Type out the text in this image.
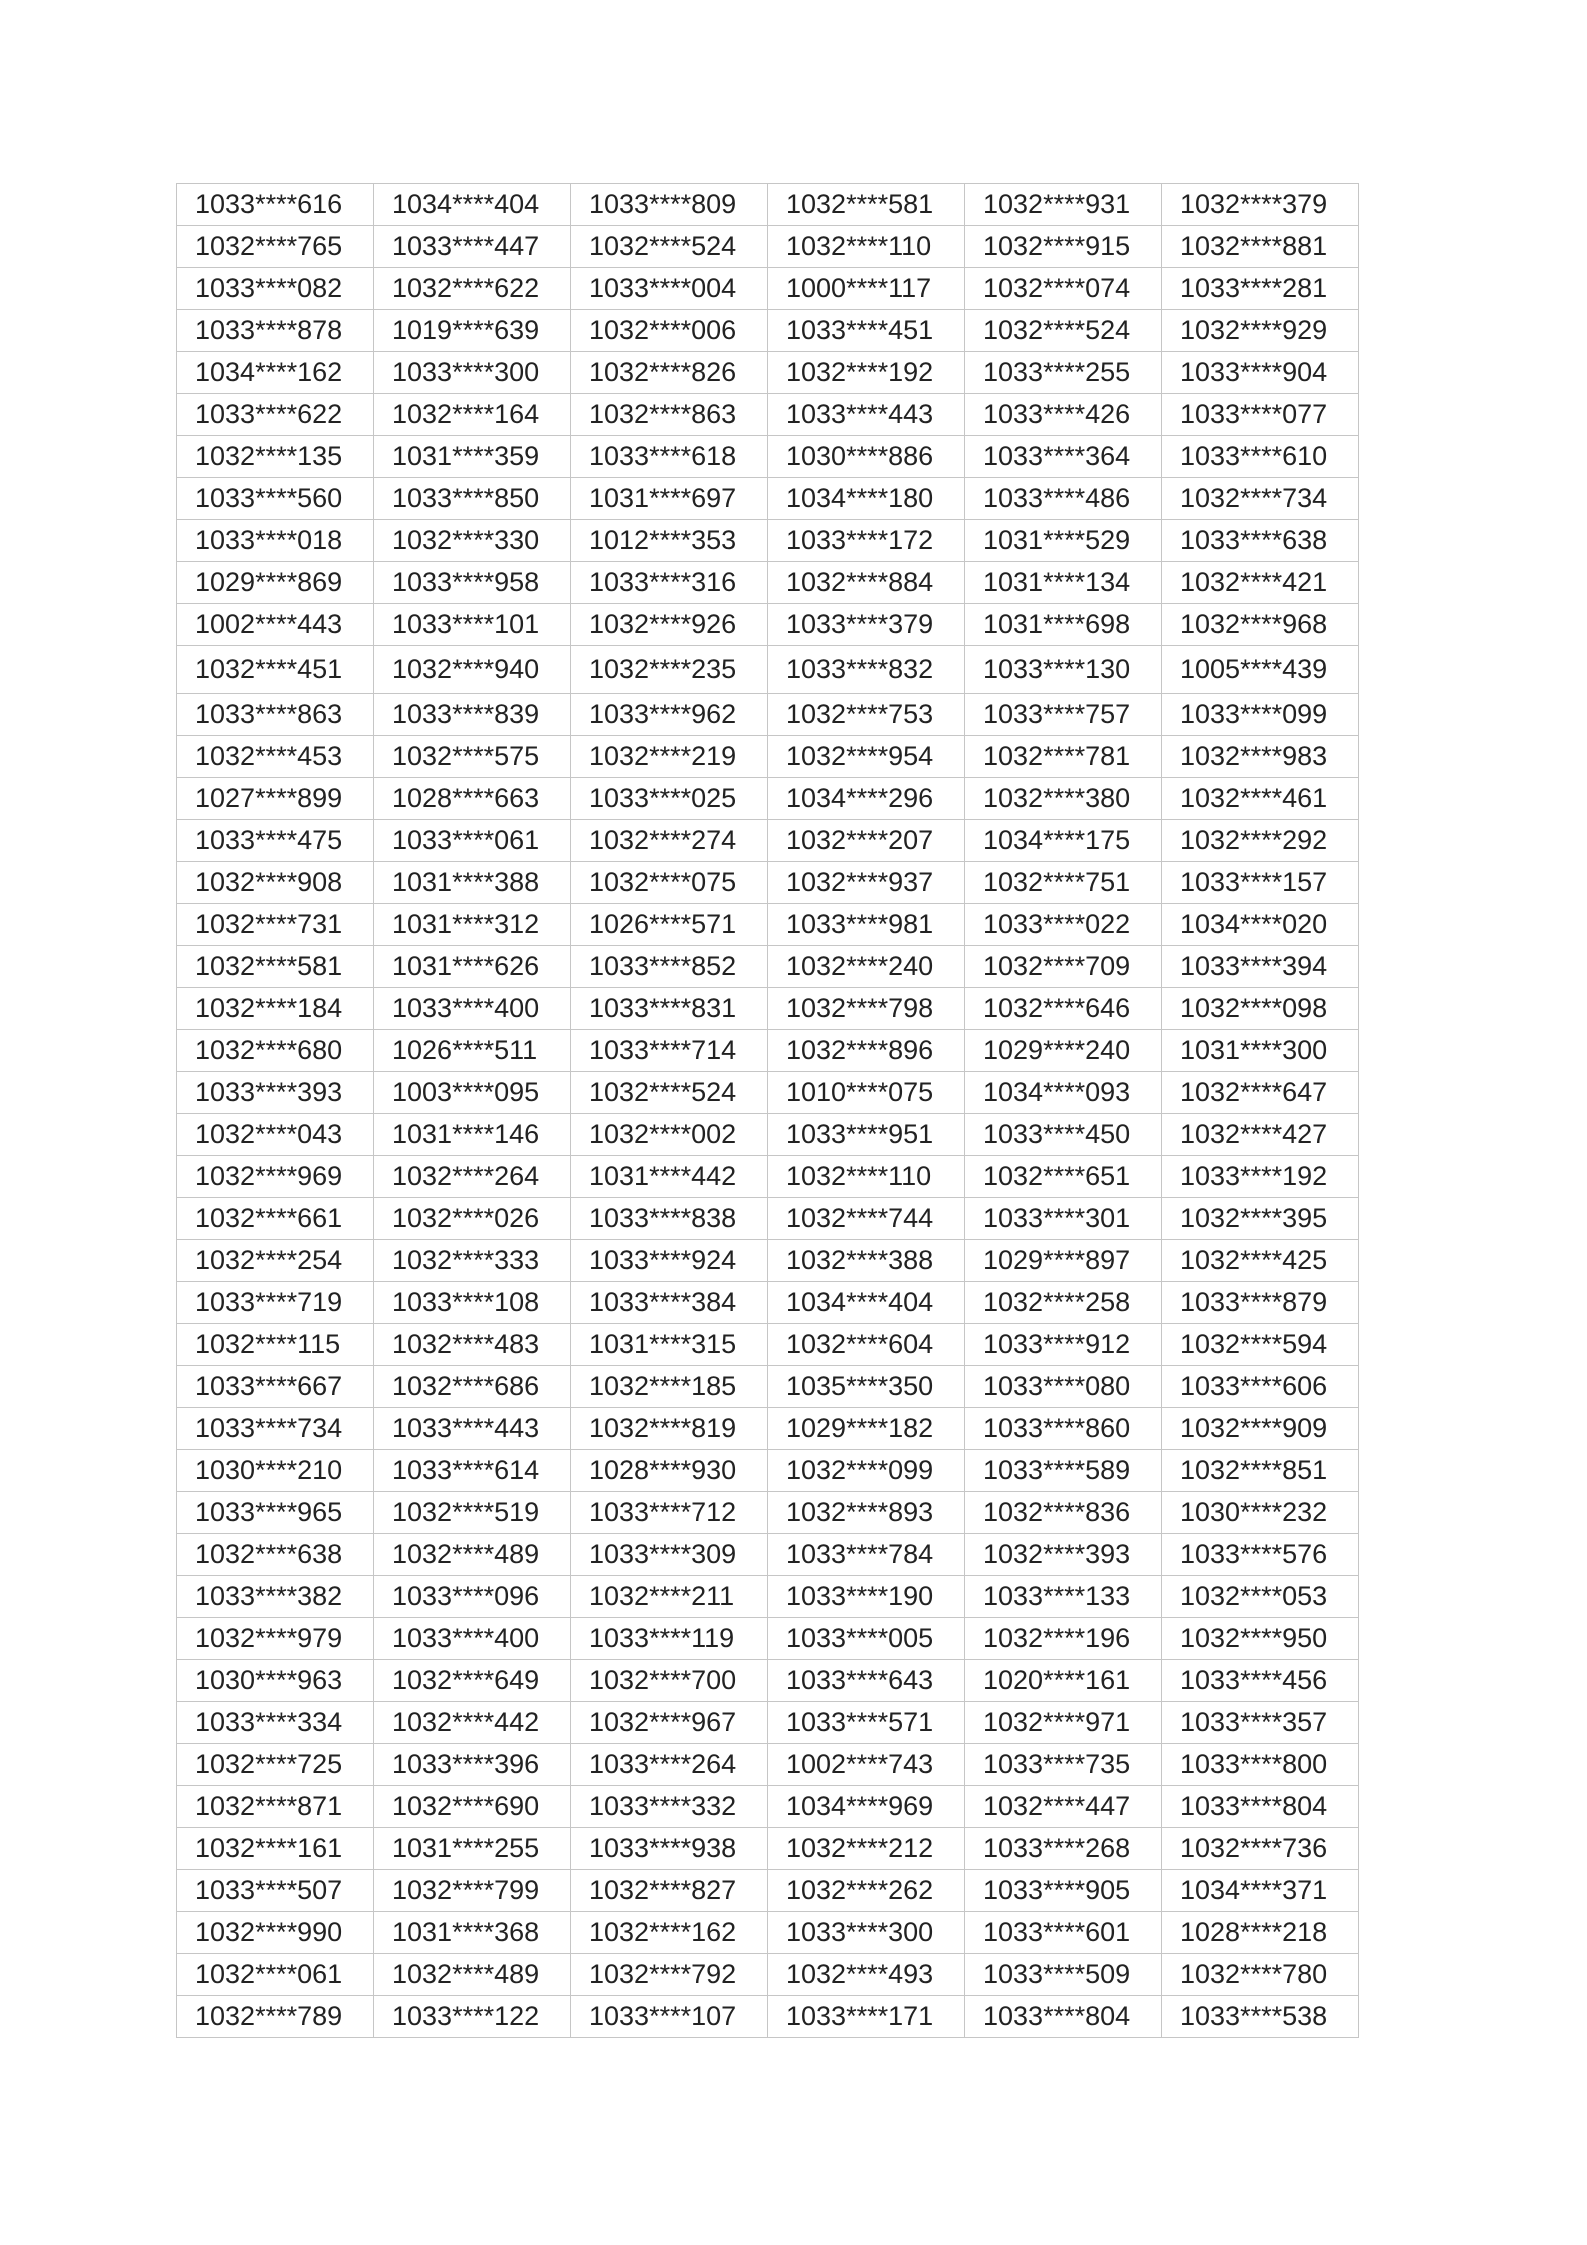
1033****616	1034****404	1033****809	1032****581	1032****931	1032****379
1032****765	1033****447	1032****524	1032****110	1032****915	1032****881
1033****082	1032****622	1033****004	1000****117	1032****074	1033****281
1033****878	1019****639	1032****006	1033****451	1032****524	1032****929
1034****162	1033****300	1032****826	1032****192	1033****255	1033****904
1033****622	1032****164	1032****863	1033****443	1033****426	1033****077
1032****135	1031****359	1033****618	1030****886	1033****364	1033****610
1033****560	1033****850	1031****697	1034****180	1033****486	1032****734
1033****018	1032****330	1012****353	1033****172	1031****529	1033****638
1029****869	1033****958	1033****316	1032****884	1031****134	1032****421
1002****443	1033****101	1032****926	1033****379	1031****698	1032****968
1032****451	1032****940	1032****235	1033****832	1033****130	1005****439
1033****863	1033****839	1033****962	1032****753	1033****757	1033****099
1032****453	1032****575	1032****219	1032****954	1032****781	1032****983
1027****899	1028****663	1033****025	1034****296	1032****380	1032****461
1033****475	1033****061	1032****274	1032****207	1034****175	1032****292
1032****908	1031****388	1032****075	1032****937	1032****751	1033****157
1032****731	1031****312	1026****571	1033****981	1033****022	1034****020
1032****581	1031****626	1033****852	1032****240	1032****709	1033****394
1032****184	1033****400	1033****831	1032****798	1032****646	1032****098
1032****680	1026****511	1033****714	1032****896	1029****240	1031****300
1033****393	1003****095	1032****524	1010****075	1034****093	1032****647
1032****043	1031****146	1032****002	1033****951	1033****450	1032****427
1032****969	1032****264	1031****442	1032****110	1032****651	1033****192
1032****661	1032****026	1033****838	1032****744	1033****301	1032****395
1032****254	1032****333	1033****924	1032****388	1029****897	1032****425
1033****719	1033****108	1033****384	1034****404	1032****258	1033****879
1032****115	1032****483	1031****315	1032****604	1033****912	1032****594
1033****667	1032****686	1032****185	1035****350	1033****080	1033****606
1033****734	1033****443	1032****819	1029****182	1033****860	1032****909
1030****210	1033****614	1028****930	1032****099	1033****589	1032****851
1033****965	1032****519	1033****712	1032****893	1032****836	1030****232
1032****638	1032****489	1033****309	1033****784	1032****393	1033****576
1033****382	1033****096	1032****211	1033****190	1033****133	1032****053
1032****979	1033****400	1033****119	1033****005	1032****196	1032****950
1030****963	1032****649	1032****700	1033****643	1020****161	1033****456
1033****334	1032****442	1032****967	1033****571	1032****971	1033****357
1032****725	1033****396	1033****264	1002****743	1033****735	1033****800
1032****871	1032****690	1033****332	1034****969	1032****447	1033****804
1032****161	1031****255	1033****938	1032****212	1033****268	1032****736
1033****507	1032****799	1032****827	1032****262	1033****905	1034****371
1032****990	1031****368	1032****162	1033****300	1033****601	1028****218
1032****061	1032****489	1032****792	1032****493	1033****509	1032****780
1032****789	1033****122	1033****107	1033****171	1033****804	1033****538
